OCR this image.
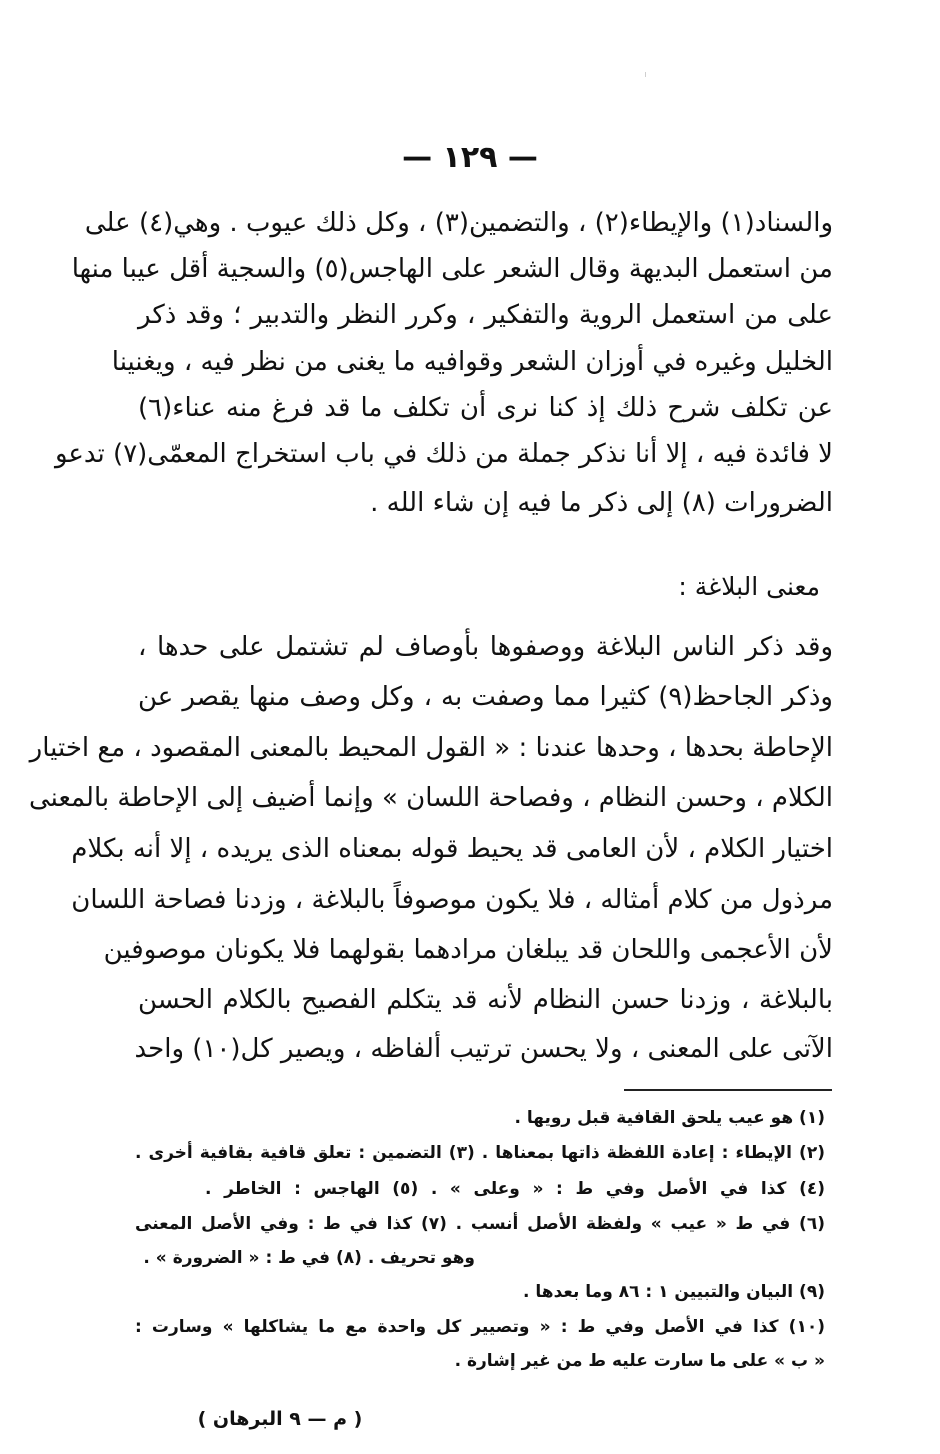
— ١٢٩ —
والسناد(١) والإيطاء(٢) ، والتضمين(٣) ، وكل ذلك عيوب . وهي(٤) على
من استعمل البديهة وقال الشعر على الهاجس(٥) والسجية أقل عيبا منها
على من استعمل الروية والتفكير ، وكرر النظر والتدبير ؛ وقد ذكر
الخليل وغيره في أوزان الشعر وقوافيه ما يغنى من نظر فيه ، ويغنينا
عن تكلف شرح ذلك إذ كنا نرى أن تكلف ما قد فرغ منه عناء(٦)
لا فائدة فيه ، إلا أنا نذكر جملة من ذلك في باب استخراج المعمّى(٧) تدعو
الضرورات (٨) إلى ذكر ما فيه إن شاء الله .
معنى البلاغة :
وقد ذكر الناس البلاغة ووصفوها بأوصاف لم تشتمل على حدها ،
وذكر الجاحظ(٩) كثيرا مما وصفت به ، وكل وصف منها يقصر عن
الإحاطة بحدها ، وحدها عندنا : « القول المحيط بالمعنى المقصود ، مع اختيار
الكلام ، وحسن النظام ، وفصاحة اللسان » وإنما أضيف إلى الإحاطة بالمعنى
اختيار الكلام ، لأن العامى قد يحيط قوله بمعناه الذى يريده ، إلا أنه بكلام
مرذول من كلام أمثاله ، فلا يكون موصوفاً بالبلاغة ، وزدنا فصاحة اللسان
لأن الأعجمى واللحان قد يبلغان مرادهما بقولهما فلا يكونان موصوفين
بالبلاغة ، وزدنا حسن النظام لأنه قد يتكلم الفصيح بالكلام الحسن
الآتى على المعنى ، ولا يحسن ترتيب ألفاظه ، ويصير كل(١٠) واحد
(١) هو عيب يلحق القافية قبل رويها .
(٢) الإيطاء : إعادة اللفظة ذاتها بمعناها . (٣) التضمين : تعلق قافية بقافية أخرى .
(٤) كذا في الأصل وفي ط : « وعلى » . (٥) الهاجس : الخاطر .
(٦) في ط « عيب » ولفظة الأصل أنسب . (٧) كذا في ط : وفي الأصل المعنى
وهو تحريف . (٨) في ط : « الضرورة » .
(٩) البيان والتبيين ١ : ٨٦ وما بعدها .
(١٠) كذا في الأصل وفي ط : « وتصيير كل واحدة مع ما يشاكلها » وسارت :
« ب » على ما سارت عليه ط من غير إشارة .
( م — ٩ البرهان )
